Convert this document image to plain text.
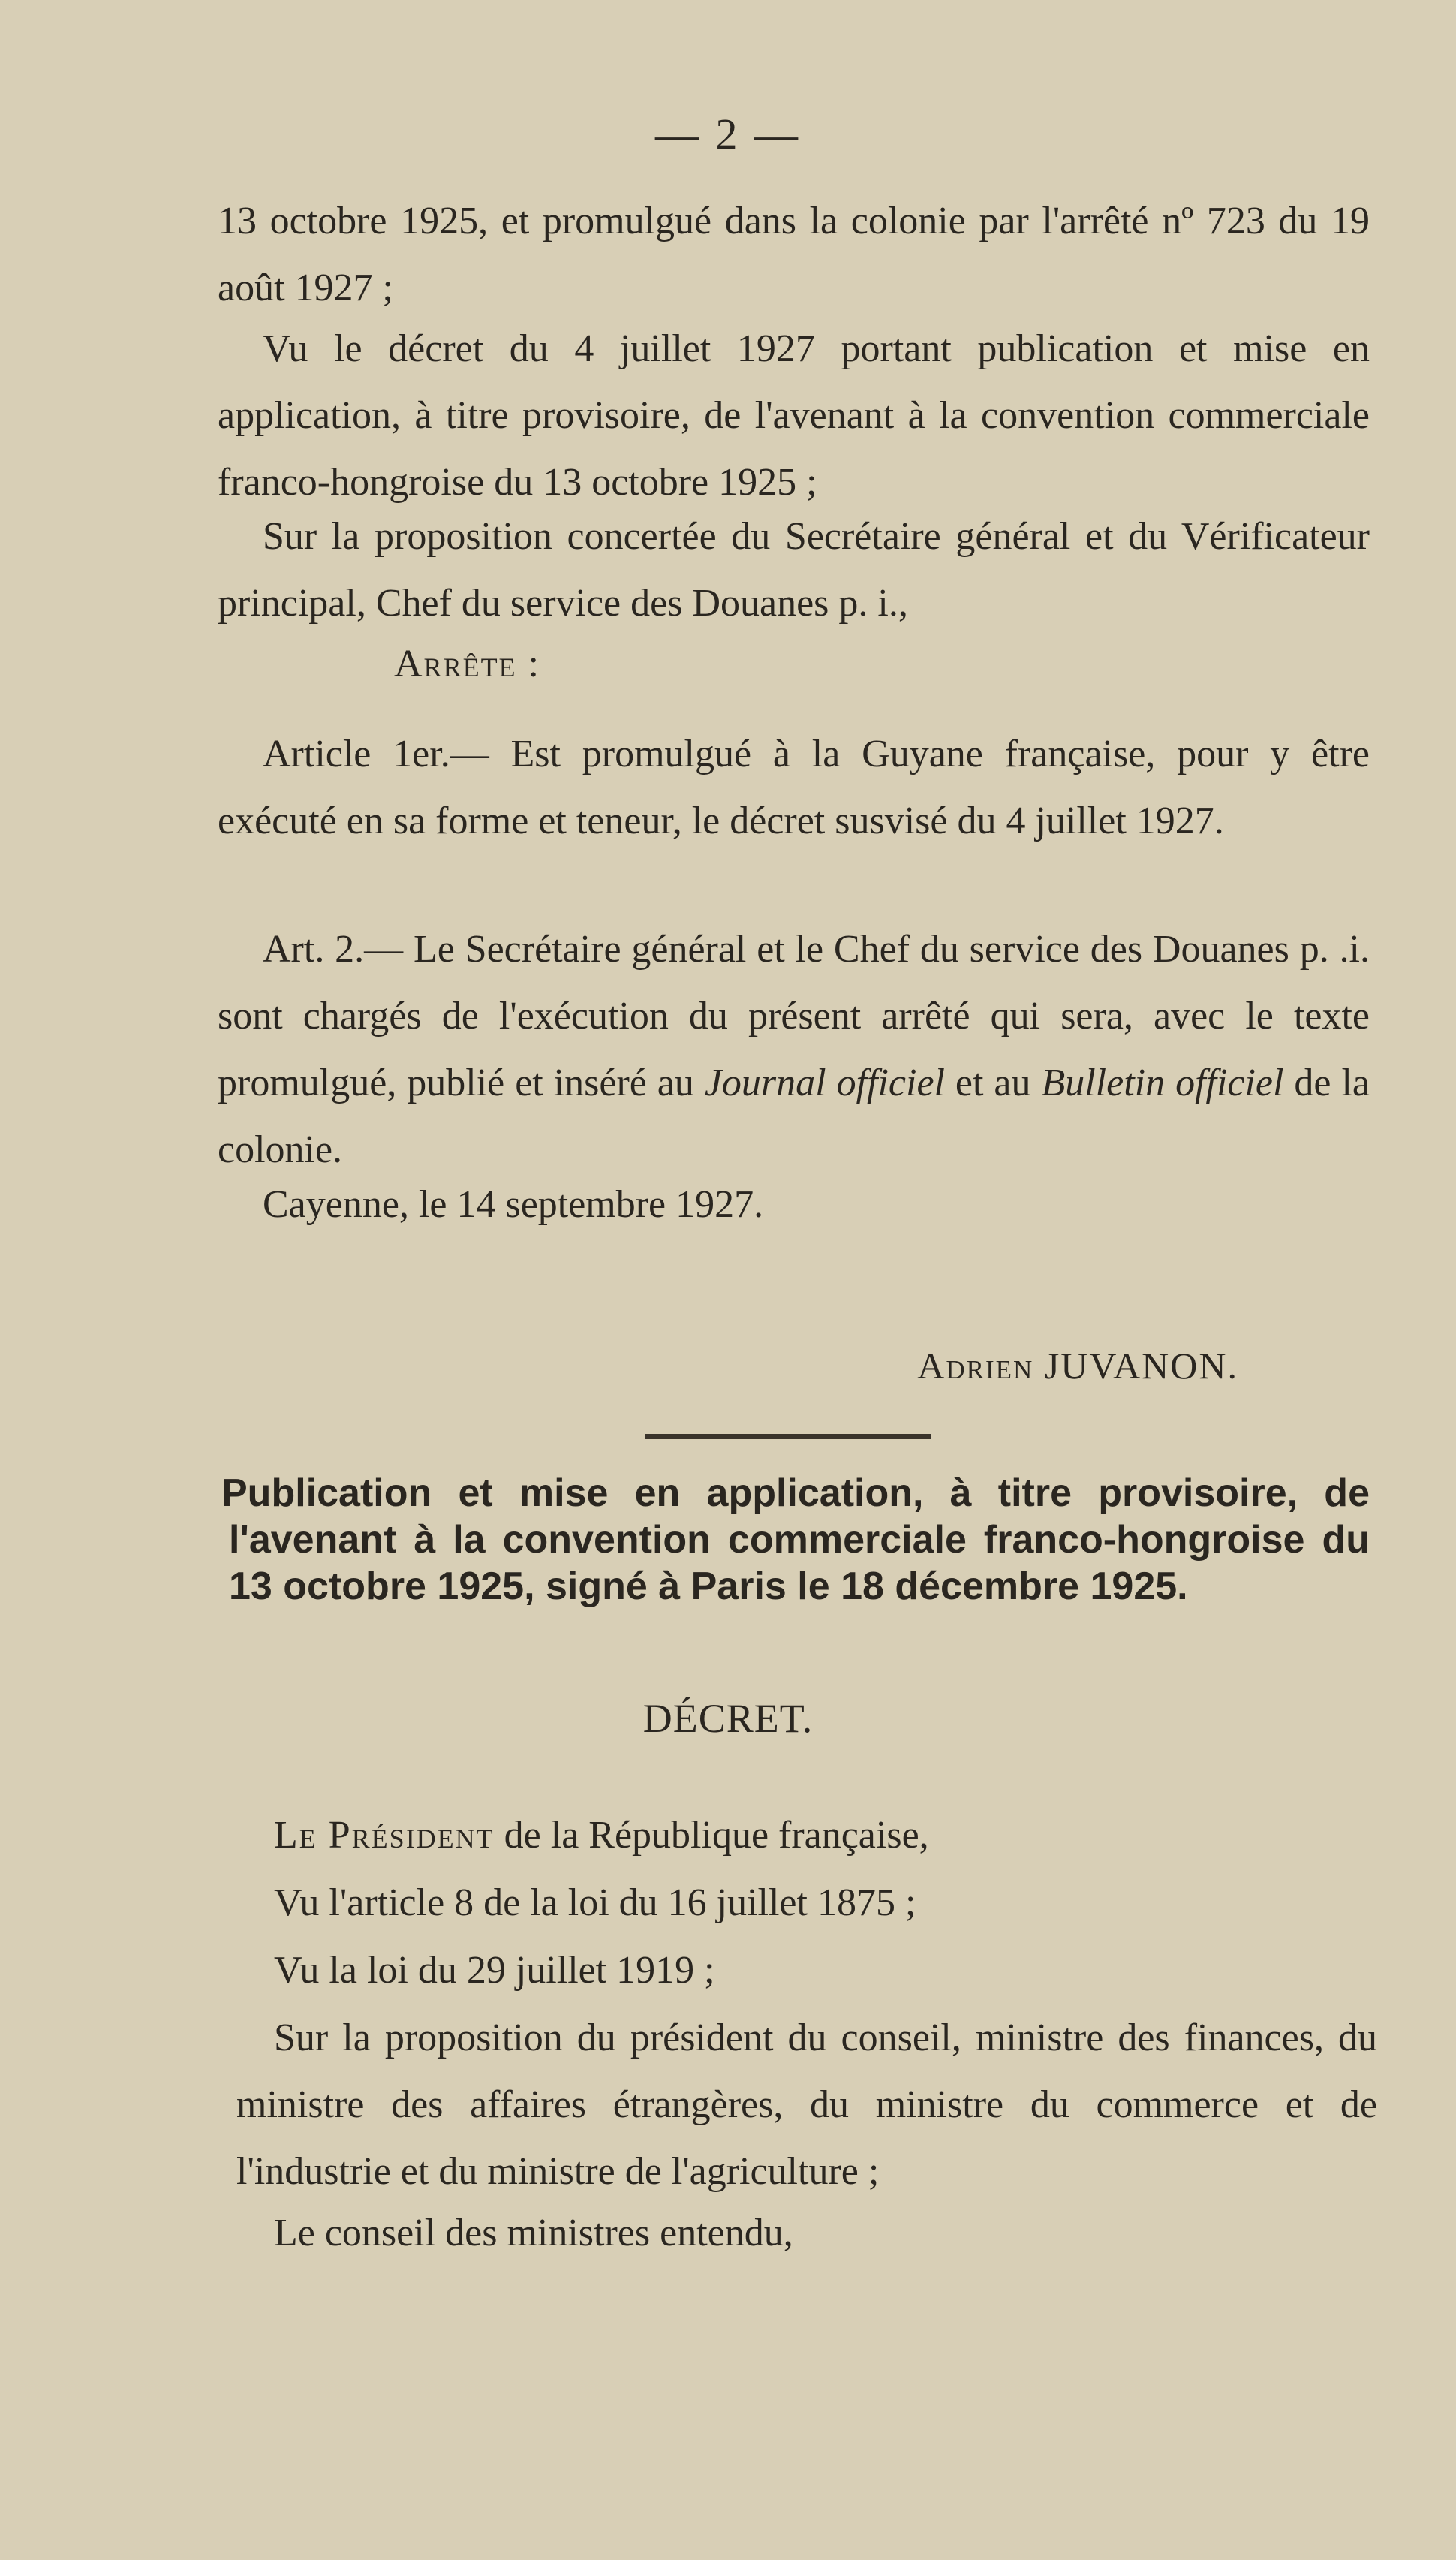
— 2 —
13 octobre 1925, et promulgué dans la colonie par l'arrêté nº 723 du 19 août 1927 ;
Vu le décret du 4 juillet 1927 portant publication et mise en application, à titre provisoire, de l'avenant à la convention commerciale franco-hongroise du 13 octobre 1925 ;
Sur la proposition concertée du Secrétaire général et du Vérificateur principal, Chef du service des Douanes p. i.,
Arrête :
Article 1er.— Est promulgué à la Guyane française, pour y être exécuté en sa forme et teneur, le décret susvisé du 4 juillet 1927.
Art. 2.— Le Secrétaire général et le Chef du service des Douanes p. .i. sont chargés de l'exécution du présent arrêté qui sera, avec le texte promulgué, publié et inséré au Journal officiel et au Bulletin officiel de la colonie.
Cayenne, le 14 septembre 1927.
Adrien JUVANON.
Publication et mise en application, à titre provisoire, de l'avenant à la convention commerciale franco-hongroise du 13 octobre 1925, signé à Paris le 18 décembre 1925.
DÉCRET.
Le Président de la République française,
Vu l'article 8 de la loi du 16 juillet 1875 ;
Vu la loi du 29 juillet 1919 ;
Sur la proposition du président du conseil, ministre des finances, du ministre des affaires étrangères, du ministre du commerce et de l'industrie et du ministre de l'agriculture ;
Le conseil des ministres entendu,
